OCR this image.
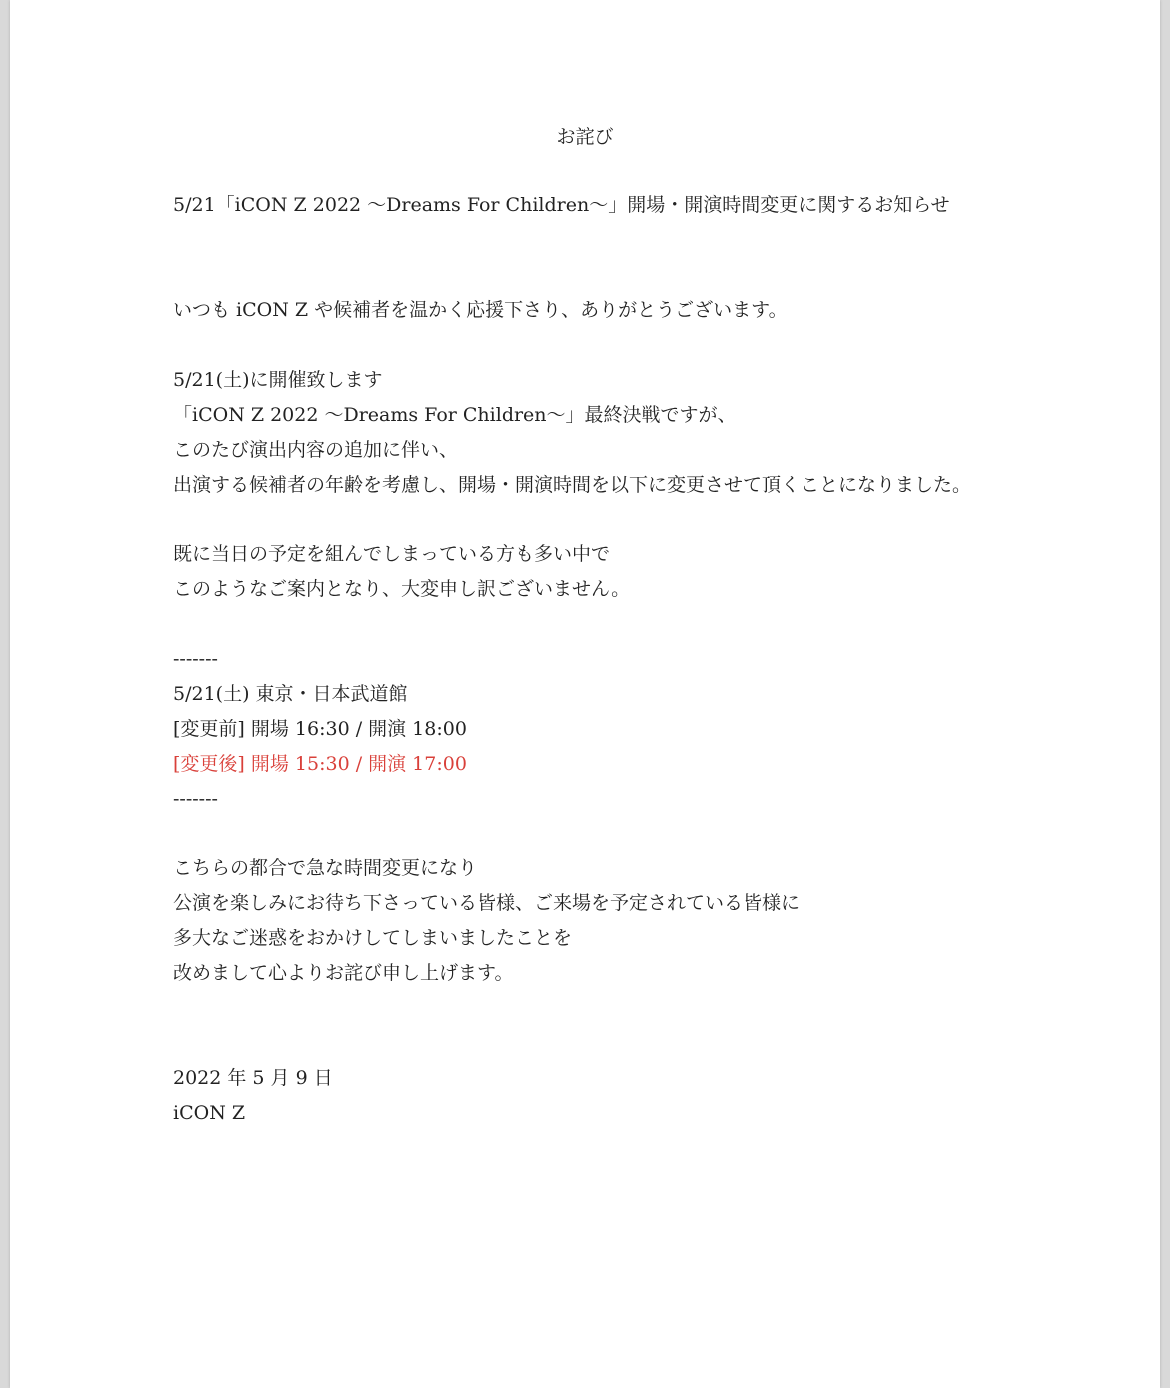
お詫び
5/21「iCON Z 2022 ～Dreams For Children～」開場・開演時間変更に関するお知らせ
いつも iCON Z や候補者を温かく応援下さり、ありがとうございます。
5/21(土)に開催致します
「iCON Z 2022 ～Dreams For Children～」最終決戦ですが、
このたび演出内容の追加に伴い、
出演する候補者の年齢を考慮し、開場・開演時間を以下に変更させて頂くことになりました。
既に当日の予定を組んでしまっている方も多い中で
このようなご案内となり、大変申し訳ございません。
-------
5/21(土) 東京・日本武道館
[変更前] 開場 16:30 / 開演 18:00
[変更後] 開場 15:30 / 開演 17:00
-------
こちらの都合で急な時間変更になり
公演を楽しみにお待ち下さっている皆様、ご来場を予定されている皆様に
多大なご迷惑をおかけしてしまいましたことを
改めまして心よりお詫び申し上げます。
2022 年 5 月 9 日
iCON Z
